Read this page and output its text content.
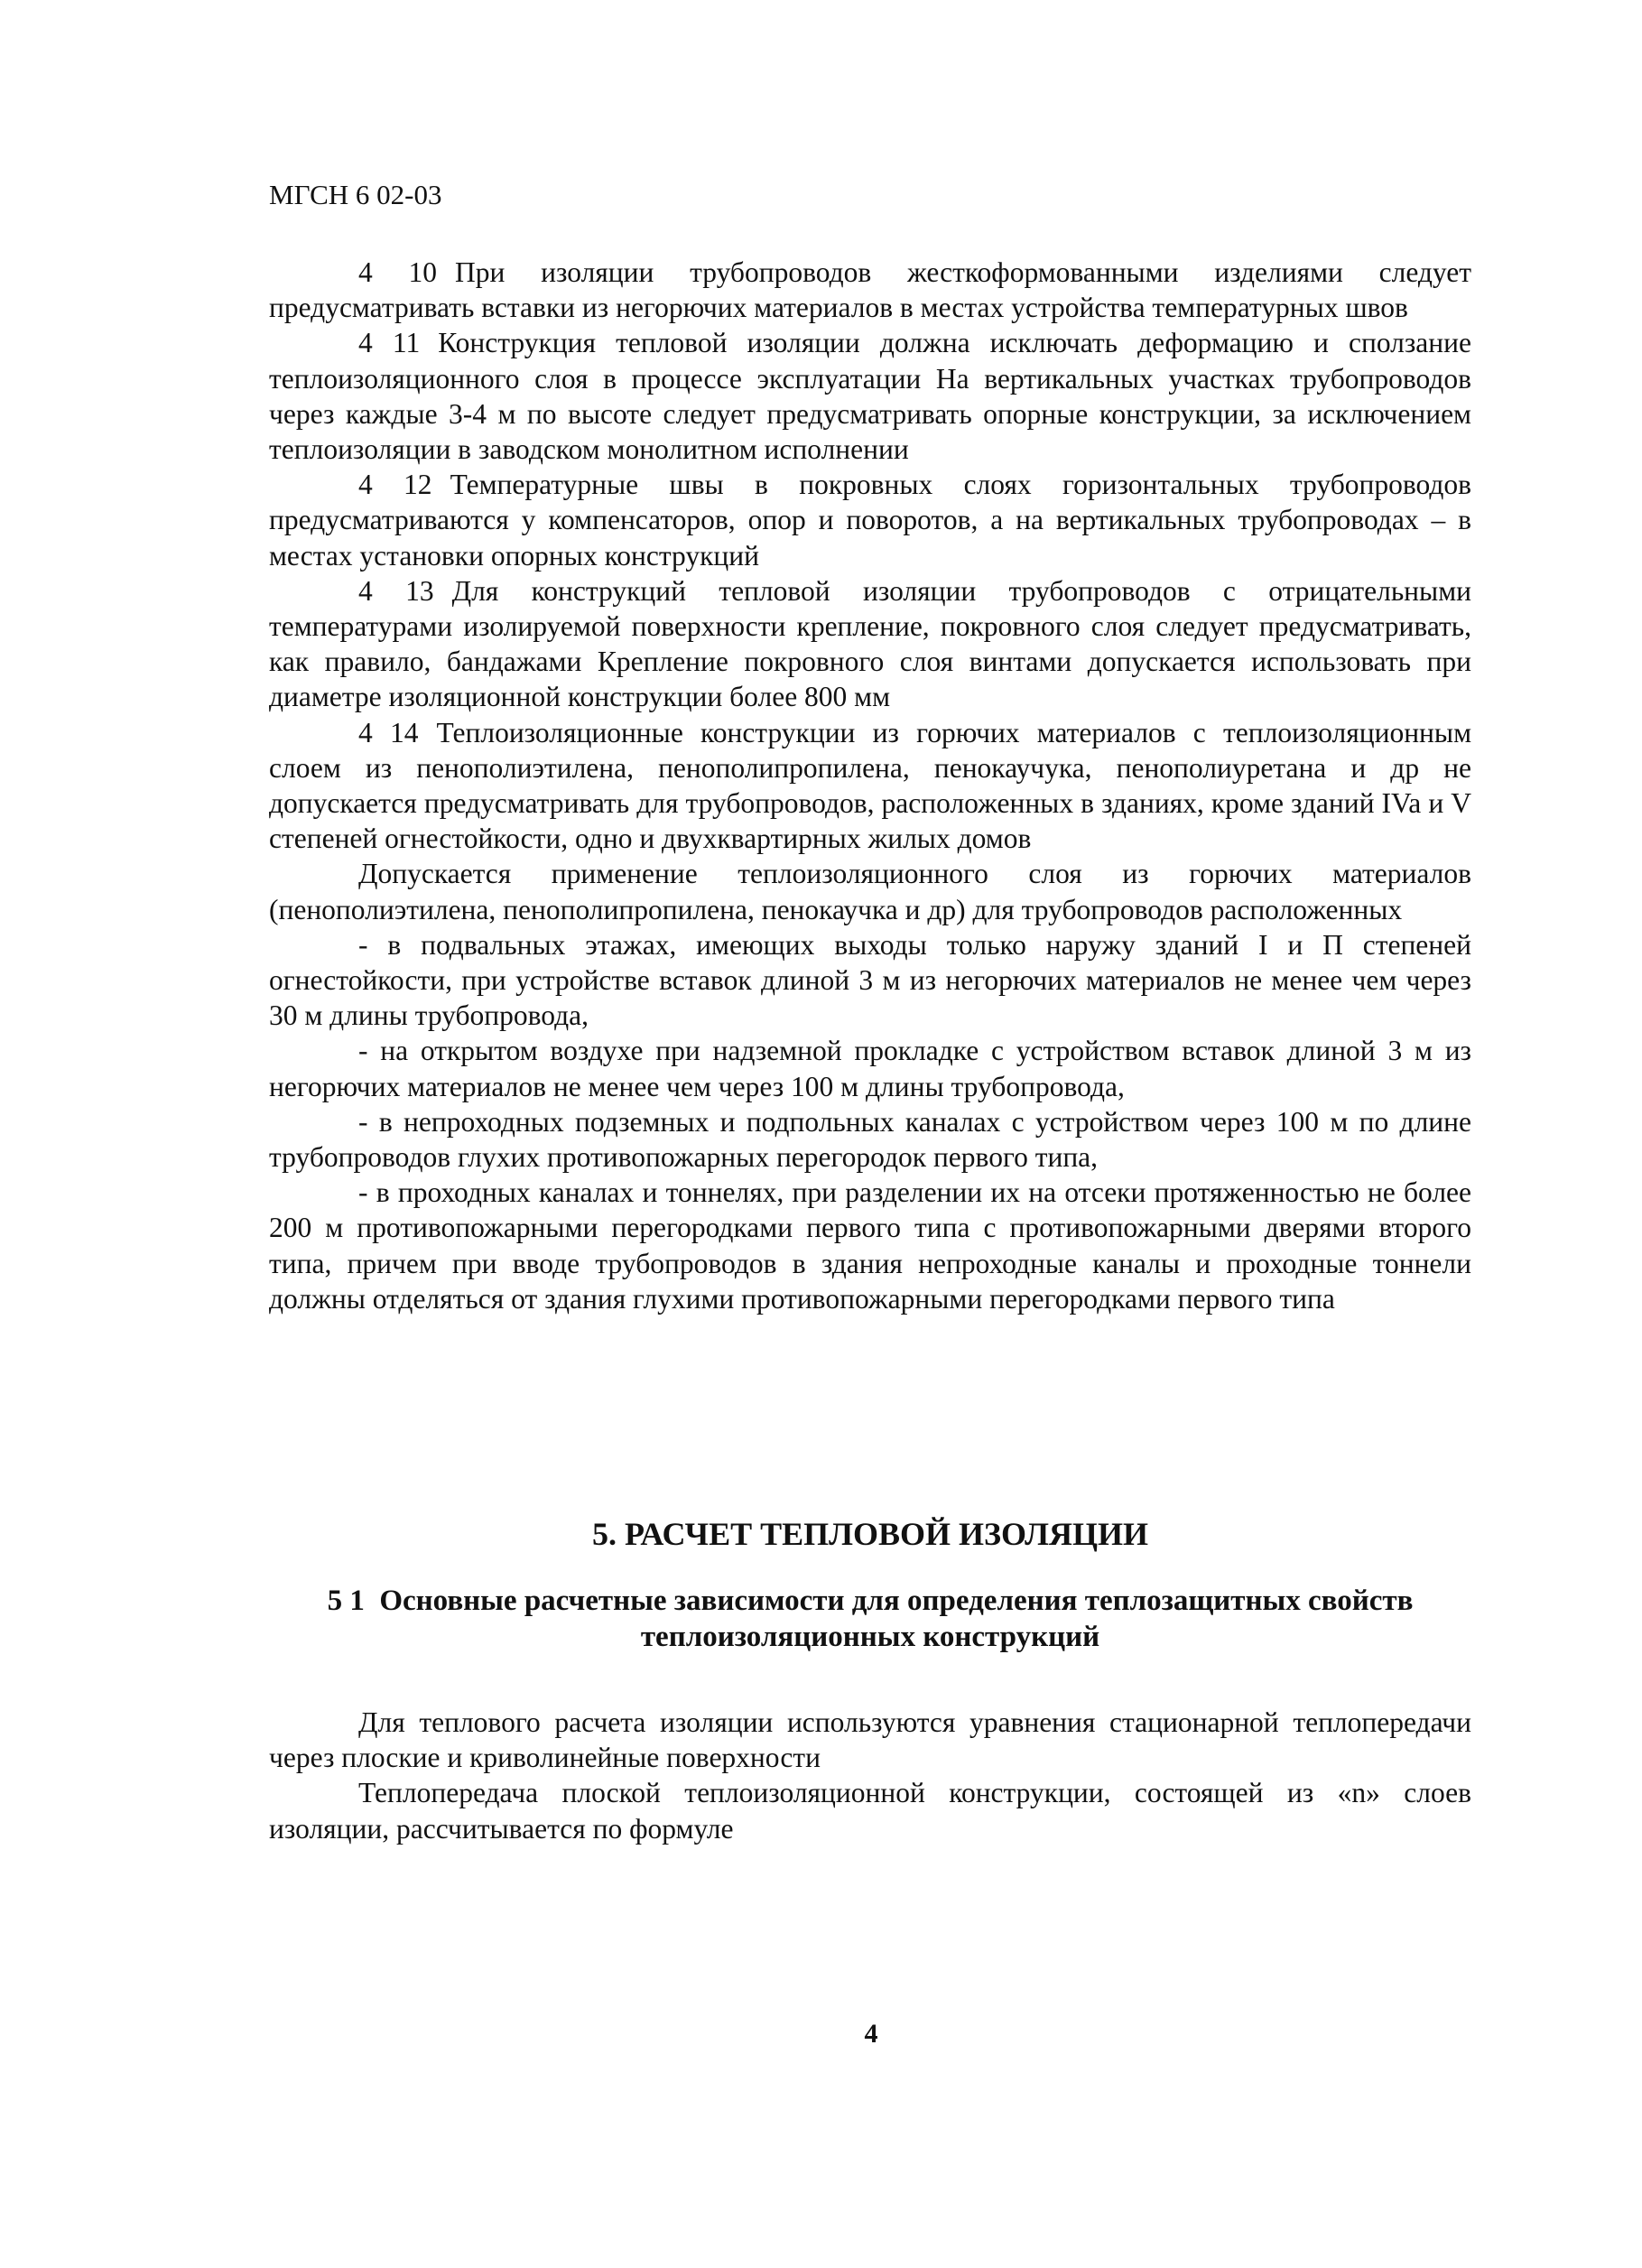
МГСН 6 02-03

4 10 При изоляции трубопроводов жесткоформованными изделиями следует предусматривать вставки из негорючих материалов в местах устройства температурных швов

4 11 Конструкция тепловой изоляции должна исключать деформацию и сползание теплоизоляционного слоя в процессе эксплуатации На вертикальных участках трубопроводов через каждые 3-4 м по высоте следует предусматривать опорные конструкции, за исключением теплоизоляции в заводском монолитном исполнении

4 12 Температурные швы в покровных слоях горизонтальных трубопроводов предусматриваются у компенсаторов, опор и поворотов, а на вертикальных трубопроводах – в местах установки опорных конструкций

4 13 Для конструкций тепловой изоляции трубопроводов с отрицательными температурами изолируемой поверхности крепление, покровного слоя следует предусматривать, как правило, бандажами Крепление покровного слоя винтами допускается использовать при диаметре изоляционной конструкции более 800 мм

4 14 Теплоизоляционные конструкции из горючих материалов с теплоизоляционным слоем из пенополиэтилена, пенополипропилена, пенокаучука, пенополиуретана и др не допускается предусматривать для трубопроводов, расположенных в зданиях, кроме зданий IVa и V степеней огнестойкости, одно и двухквартирных жилых домов

Допускается применение теплоизоляционного слоя из горючих материалов (пенополиэтилена, пенополипропилена, пенокаучка и др) для трубопроводов расположенных

- в подвальных этажах, имеющих выходы только наружу зданий I и П степеней огнестойкости, при устройстве вставок длиной 3 м из негорючих материалов не менее чем через 30 м длины трубопровода,

- на открытом воздухе при надземной прокладке с устройством вставок длиной 3 м из негорючих материалов не менее чем через 100 м длины трубопровода,

- в непроходных подземных и подпольных каналах с устройством через 100 м по длине трубопроводов глухих противопожарных перегородок первого типа,

- в проходных каналах и тоннелях, при разделении их на отсеки протяженностью не более 200 м противопожарными перегородками первого типа с противопожарными дверями второго типа, причем при вводе трубопроводов в здания непроходные каналы и проходные тоннели должны отделяться от здания глухими противопожарными перегородками первого типа

5. РАСЧЕТ ТЕПЛОВОЙ ИЗОЛЯЦИИ
5 1 Основные расчетные зависимости для определения теплозащитных свойств теплоизоляционных конструкций

Для теплового расчета изоляции используются уравнения стационарной теплопередачи через плоские и криволинейные поверхности

Теплопередача плоской теплоизоляционной конструкции, состоящей из «n» слоев изоляции, рассчитывается по формуле

4
